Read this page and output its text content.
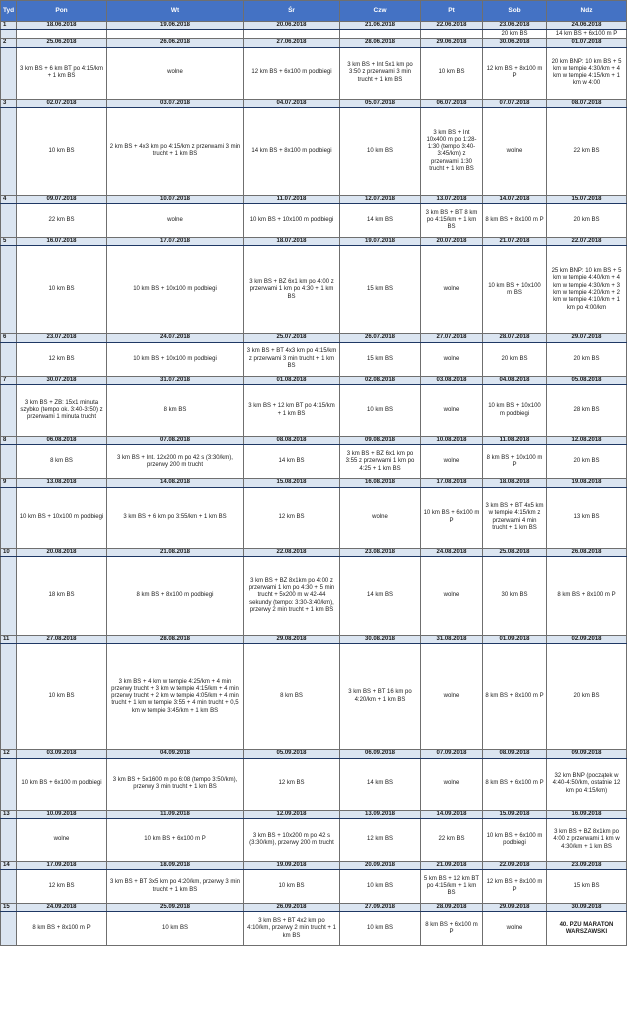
Tyd	Pon	Wt	Śr	Czw	Pt	Sob	Ndz
1	18.06.2018	19.06.2018	20.06.2018	21.06.2018	22.06.2018	23.06.2018	24.06.2018
						20 km BS	14 km BS + 6x100 m P
2	25.06.2018	26.06.2018	27.06.2018	28.06.2018	29.06.2018	30.06.2018	01.07.2018
	3 km BS + 6 km BT po 4:15/km + 1 km BS	wolne	12 km BS + 6x100 m podbiegi	3 km BS + Int 5x1 km po 3:50 z przerwami 3 min trucht + 1 km BS	10 km BS	12 km BS + 8x100 m P	20 km BNP: 10 km BS + 5 km w tempie 4:30/km + 4 km w tempie 4:15/km + 1 km w 4:00
3	02.07.2018	03.07.2018	04.07.2018	05.07.2018	06.07.2018	07.07.2018	08.07.2018
	10 km BS	2 km BS + 4x3 km po 4:15/km z przerwami 3 min trucht + 1 km BS	14 km BS + 8x100 m podbiegi	10 km BS	3 km BS + Int 10x400 m po 1:28-1:30 (tempo 3:40-3:45/km) z przerwami 1:30 trucht + 1 km BS	wolne	22 km BS
4	09.07.2018	10.07.2018	11.07.2018	12.07.2018	13.07.2018	14.07.2018	15.07.2018
	22 km BS	wolne	10 km BS + 10x100 m podbiegi	14 km BS	3 km BS + BT 8 km po 4:15/km + 1 km BS	8 km BS + 8x100 m P	20 km BS
5	16.07.2018	17.07.2018	18.07.2018	19.07.2018	20.07.2018	21.07.2018	22.07.2018
	10 km BS	10 km BS + 10x100 m podbiegi	3 km BS + BZ 6x1 km po 4:00 z przerwami 1 km po 4:30 + 1 km BS	15 km BS	wolne	10 km BS + 10x100 m BS	25 km BNP: 10 km BS + 5 km w tempie 4:40/km + 4 km w tempie 4:30/km + 3 km w tempie 4:20/km + 2 km w tempie 4:10/km + 1 km po 4:00/km
6	23.07.2018	24.07.2018	25.07.2018	26.07.2018	27.07.2018	28.07.2018	29.07.2018
	12 km BS	10 km BS + 10x100 m podbiegi	3 km BS + BT 4x3 km po 4:15/km z przerwami 3 min trucht + 1 km BS	15 km BS	wolne	20 km BS	20 km BS
7	30.07.2018	31.07.2018	01.08.2018	02.08.2018	03.08.2018	04.08.2018	05.08.2018
	3 km BS + ZB: 15x1 minuta szybko (tempo ok. 3:40-3:50) z przerwami 1 minuta trucht	8 km BS	3 km BS + 12 km BT po 4:15/km + 1 km BS	10 km BS	wolne	10 km BS + 10x100 m podbiegi	28 km BS
8	06.08.2018	07.08.2018	08.08.2018	09.08.2018	10.08.2018	11.08.2018	12.08.2018
	8 km BS	3 km BS + Int. 12x200 m po 42 s (3:30/km), przerwy 200 m trucht	14 km BS	3 km BS + BZ 6x1 km po 3:55 z przerwami 1 km po 4:25 + 1 km BS	wolne	8 km BS + 10x100 m P	20 km BS
9	13.08.2018	14.08.2018	15.08.2018	16.08.2018	17.08.2018	18.08.2018	19.08.2018
	10 km BS + 10x100 m podbiegi	3 km BS + 6 km po 3:55/km + 1 km BS	12 km BS	wolne	10 km BS + 6x100 m P	3 km BS + BT 4x5 km w tempie 4:15/km z przerwami 4 min trucht + 1 km BS	13 km BS
10	20.08.2018	21.08.2018	22.08.2018	23.08.2018	24.08.2018	25.08.2018	26.08.2018
	18 km BS	8 km BS + 8x100 m podbiegi	3 km BS + BZ 8x1km po 4:00 z przerwami 1 km po 4:30 + 5 min trucht + 5x200 m w 42-44 sekundy (tempo: 3:30-3:40/km), przerwy 2 min trucht + 1 km BS	14 km BS	wolne	30 km BS	8 km BS + 8x100 m P
11	27.08.2018	28.08.2018	29.08.2018	30.08.2018	31.08.2018	01.09.2018	02.09.2018
	10 km BS	3 km BS + 4 km w tempie 4:25/km + 4 min przerwy trucht + 3 km w tempie 4:15/km + 4 min przerwy trucht + 2 km w tempie 4:05/km + 4 min trucht + 1 km w tempie 3:55 + 4 min trucht + 0,5 km w tempie 3:45/km + 1 km BS	8 km BS	3 km BS + BT 16 km po 4:20/km + 1 km BS	wolne	8 km BS + 8x100 m P	20 km BS
12	03.09.2018	04.09.2018	05.09.2018	06.09.2018	07.09.2018	08.09.2018	09.09.2018
	10 km BS + 6x100 m podbiegi	3 km BS + 5x1600 m po 6:08 (tempo 3:50/km), przerwy 3 min trucht + 1 km BS	12 km BS	14 km BS	wolne	8 km BS + 6x100 m P	32 km BNP (początek w 4:40-4:50/km, ostatnie 12 km po 4:15/km)
13	10.09.2018	11.09.2018	12.09.2018	13.09.2018	14.09.2018	15.09.2018	16.09.2018
	wolne	10 km BS + 6x100 m P	3 km BS + 10x200 m po 42 s (3:30/km), przerwy 200 m trucht	12 km BS	22 km BS	10 km BS + 6x100 m podbiegi	3 km BS + BZ 8x1km po 4:00 z przerwami 1 km w 4:30/km + 1 km BS
14	17.09.2018	18.09.2018	19.09.2018	20.09.2018	21.09.2018	22.09.2018	23.09.2018
	12 km BS	3 km BS + BT 3x5 km po 4:20/km, przerwy 3 min trucht + 1 km BS	10 km BS	10 km BS	5 km BS + 12 km BT po 4:15/km + 1 km BS	12 km BS + 8x100 m P	15 km BS
15	24.09.2018	25.09.2018	26.09.2018	27.09.2018	28.09.2018	29.09.2018	30.09.2018
	8 km BS + 8x100 m P	10 km BS	3 km BS + BT 4x2 km po 4:10/km, przerwy 2 min trucht + 1 km BS	10 km BS	8 km BS + 6x100 m P	wolne	40. PZU MARATON WARSZAWSKI
